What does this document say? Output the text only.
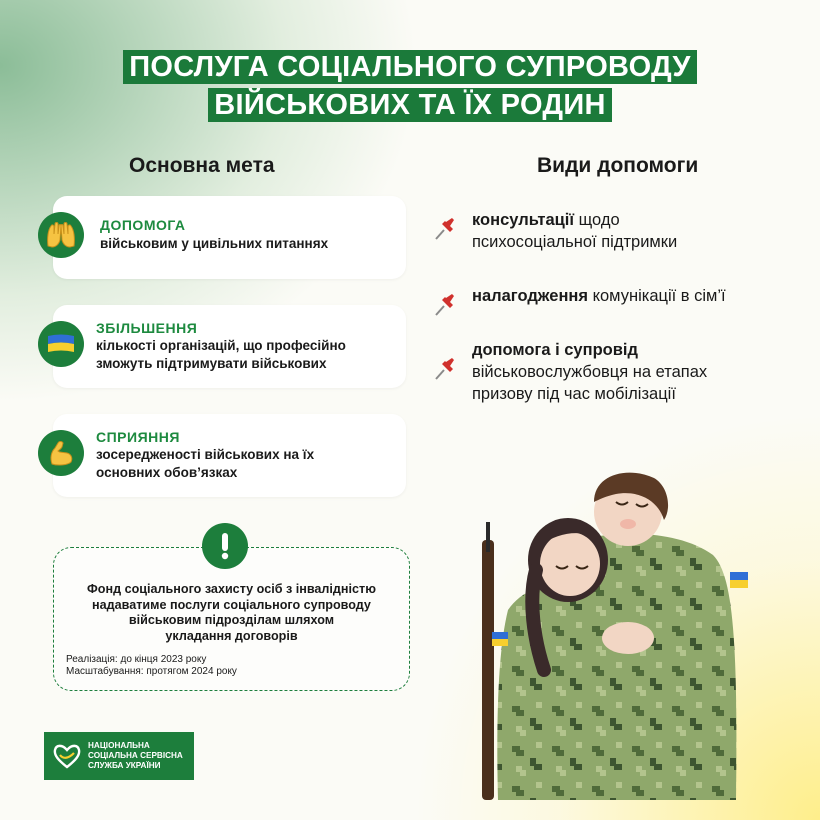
ПОСЛУГА СОЦІАЛЬНОГО СУПРОВОДУ
ВІЙСЬКОВИХ ТА ЇХ РОДИН
Основна мета	Види допомоги
ДОПОМОГА
військовим у цивільних питаннях
ЗБІЛЬШЕННЯ
кількості організацій, що професійно
зможуть підтримувати військових
СПРИЯННЯ
зосередженості військових на їх
основних обов’язках
Фонд соціального захисту осіб з інвалідністю
надаватиме послуги соціального супроводу
військовим підрозділам шляхом
укладання договорів
Реалізація: до кінця 2023 року
Масштабування: протягом 2024 року
консультації щодо
психосоціальної підтримки
налагодження комунікації в сім’ї
допомога і супровід
військовослужбовця на етапах
призову під час мобілізації
НАЦІОНАЛЬНА
СОЦІАЛЬНА СЕРВІСНА
СЛУЖБА УКРАЇНИ
